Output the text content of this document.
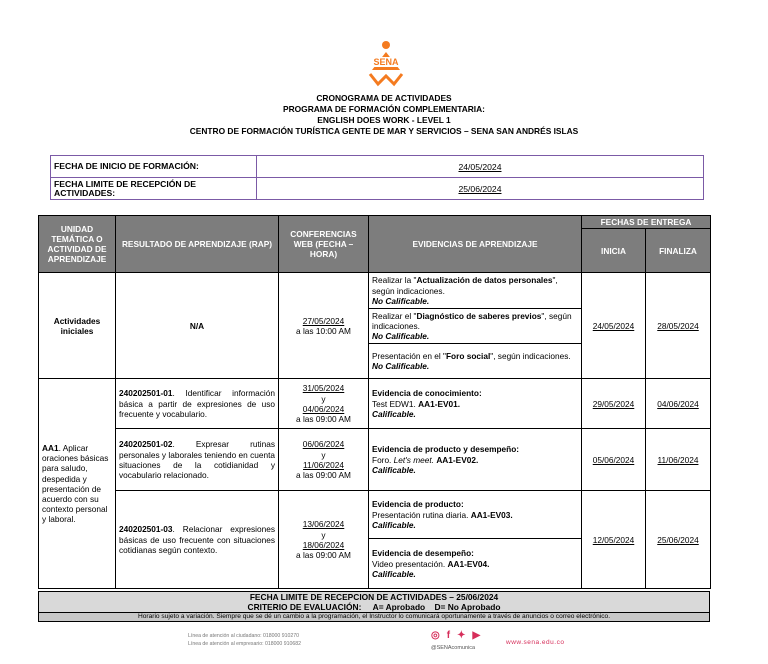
SENA
CRONOGRAMA DE ACTIVIDADES
PROGRAMA DE FORMACIÓN COMPLEMENTARIA:
ENGLISH DOES WORK - LEVEL 1
CENTRO DE FORMACIÓN TURÍSTICA GENTE DE MAR Y SERVICIOS – SENA SAN ANDRÉS ISLAS
FECHA DE INICIO DE FORMACIÓN:	24/05/2024
FECHA LIMITE DE RECEPCIÓN DE ACTIVIDADES:	25/06/2024
UNIDAD TEMÁTICA O ACTIVIDAD DE APRENDIZAJE	RESULTADO DE APRENDIZAJE (RAP)	CONFERENCIAS WEB (FECHA – HORA)	EVIDENCIAS DE APRENDIZAJE	FECHAS DE ENTREGA	
				INICIA	FINALIZA
Actividades iniciales	N/A	27/05/2024
a las 10:00 AM	Realizar la "Actualización de datos personales", según indicaciones.
No Calificable.	24/05/2024	28/05/2024
			Realizar el "Diagnóstico de saberes previos", según indicaciones.
No Calificable.		
			Presentación en el "Foro social", según indicaciones.
No Calificable.		
AA1. Aplicar oraciones básicas para saludo, despedida y presentación de acuerdo con su contexto personal y laboral.	240202501-01. Identificar información básica a partir de expresiones de uso frecuente y vocabulario.	31/05/2024
y
04/06/2024
a las 09:00 AM	Evidencia de conocimiento:
Test EDW1. AA1-EV01.
Calificable.	29/05/2024	04/06/2024
	240202501-02. Expresar rutinas personales y laborales teniendo en cuenta situaciones de la cotidianidad y vocabulario relacionado.	06/06/2024
y
11/06/2024
a las 09:00 AM	Evidencia de producto y desempeño:
Foro. Let's meet. AA1-EV02.
Calificable.	05/06/2024	11/06/2024
	240202501-03. Relacionar expresiones básicas de uso frecuente con situaciones cotidianas según contexto.	13/06/2024
y
18/06/2024
a las 09:00 AM	Evidencia de producto:
Presentación rutina diaria. AA1-EV03.
Calificable.	12/05/2024	25/06/2024
			Evidencia de desempeño:
Video presentación. AA1-EV04.
Calificable.		
FECHA LIMITE DE RECEPCION DE ACTIVIDADES – 25/06/2024
CRITERIO DE EVALUACIÓN:     A= Aprobado    D= No Aprobado
Horario sujeto a variación. Siempre que se dé un cambio a la programación, el Instructor lo comunicará oportunamente a través de anuncios o correo electrónico.
Línea de atención al ciudadano: 018000 910270
Línea de atención al empresario: 018000 910682
◎ f ✦ ▶
@SENAcomunica
www.sena.edu.co
